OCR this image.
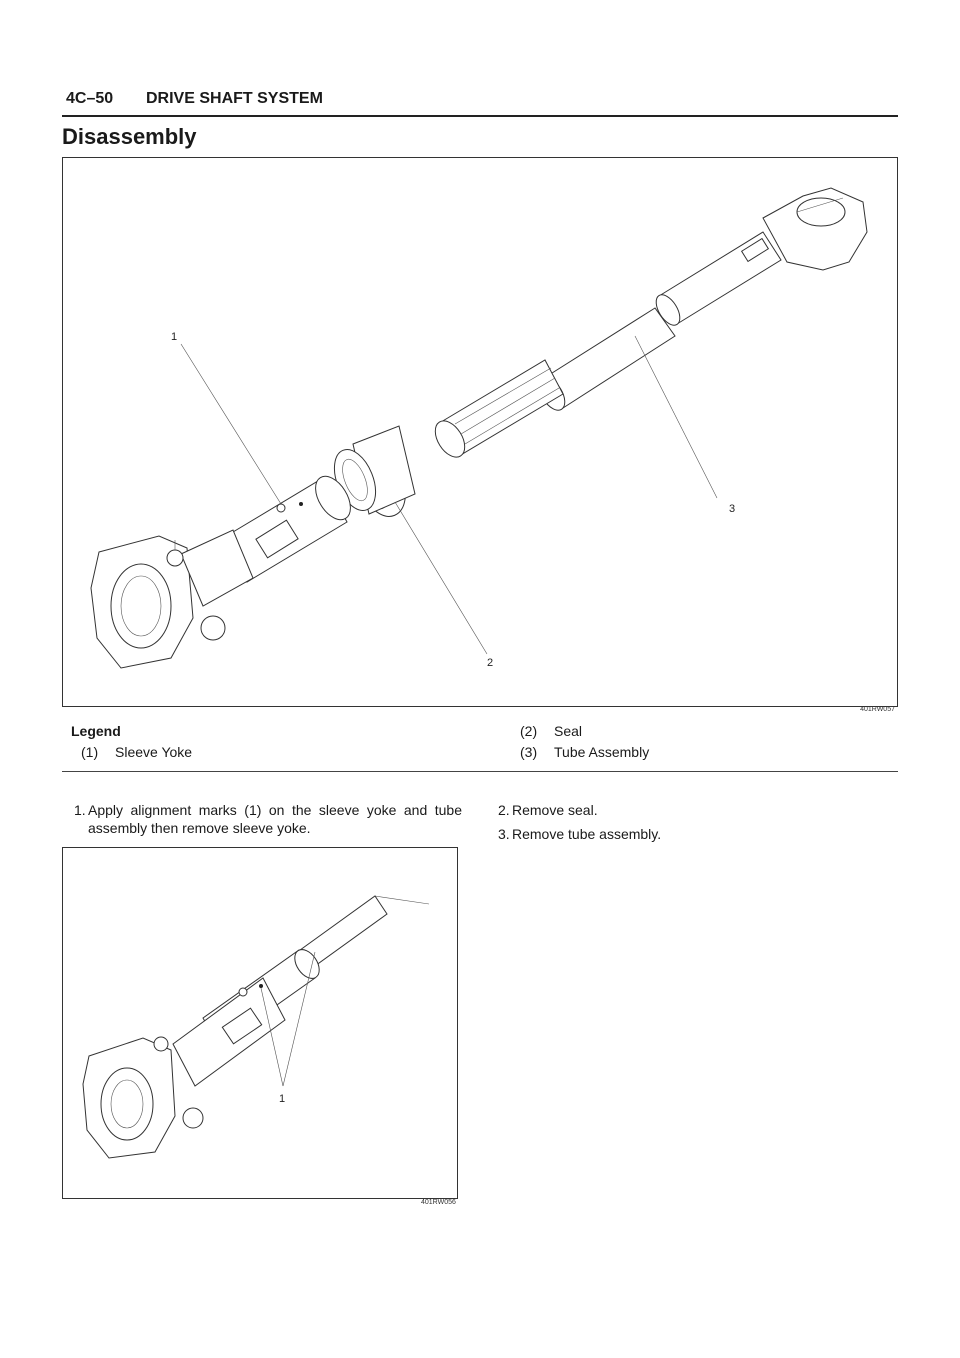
4C–50 DRIVE SHAFT SYSTEM
Disassembly
1
2
3
401RW057
Legend
(1) Sleeve Yoke
(2) Seal
(3) Tube Assembly
1. Apply alignment marks (1) on the sleeve yoke and tube assembly then remove sleeve yoke.
2. Remove seal.
3. Remove tube assembly.
1
401RW056
